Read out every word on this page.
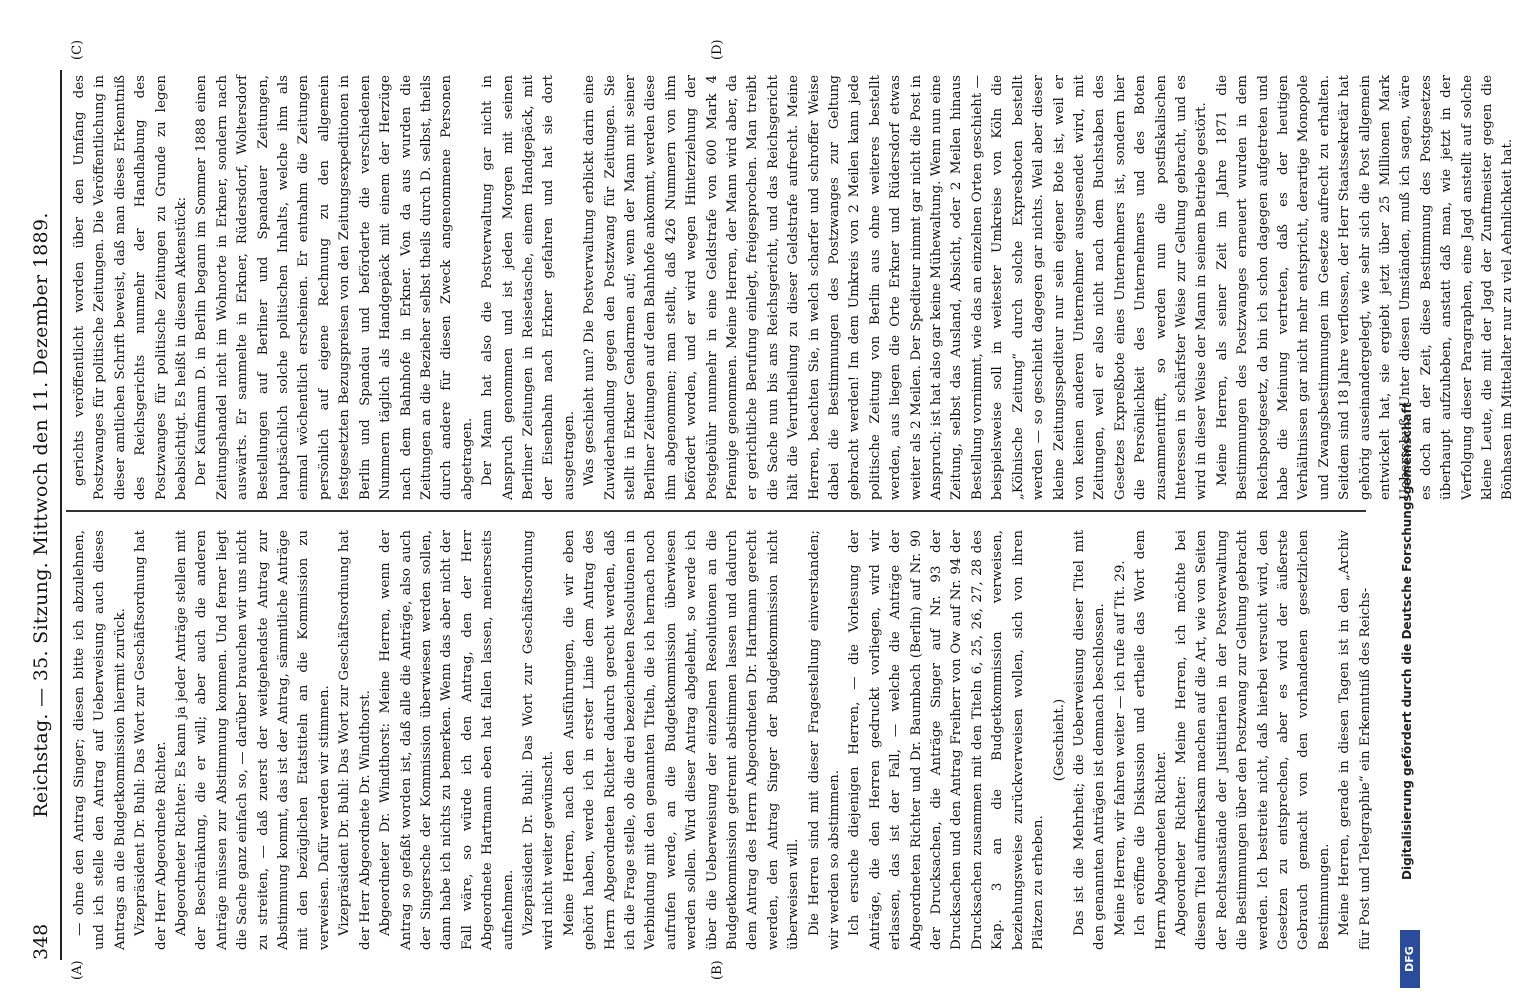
348
Reichstag. — 35. Sitzung. Mittwoch den 11. Dezember 1889.
(A)	(B)
(C)	(D)

— ohne den Antrag Singer; diesen bitte ich abzulehnen, und ich stelle den Antrag auf Ueberweisung auch dieses Antrags an die Budgetkommission hiermit zurück. Vizepräsident Dr. Buhl: Das Wort zur Geschäftsordnung hat der Herr Abgeordnete Richter. Abgeordneter Richter: Es kann ja jeder Anträge stellen mit der Beschränkung, die er will; aber auch die anderen Anträge müssen zur Abstimmung kommen. Und ferner liegt die Sache ganz einfach so, — darüber brauchen wir uns nicht zu streiten, — daß zuerst der weitgehendste Antrag zur Abstimmung kommt, das ist der Antrag, sämmtliche Anträge mit den bezüglichen Etatstiteln an die Kommission zu verweisen. Dafür werden wir stimmen. Vizepräsident Dr. Buhl: Das Wort zur Geschäftsordnung hat der Herr Abgeordnete Dr. Windthorst. Abgeordneter Dr. Windthorst: Meine Herren, wenn der Antrag so gefaßt worden ist, daß alle die Anträge, also auch der Singersche der Kommission überwiesen werden sollen, dann habe ich nichts zu bemerken. Wenn das aber nicht der Fall wäre, so würde ich den Antrag, den der Herr Abgeordnete Hartmann eben hat fallen lassen, meinerseits aufnehmen. Vizepräsident Dr. Buhl: Das Wort zur Geschäftsordnung wird nicht weiter gewünscht. Meine Herren, nach den Ausführungen, die wir eben gehört haben, werde ich in erster Linie dem Antrag des Herrn Abgeordneten Richter dadurch gerecht werden, daß ich die Frage stelle, ob die drei bezeichneten Resolutionen in Verbindung mit den genannten Titeln, die ich hernach noch aufrufen werde, an die Budgetkommission überwiesen werden sollen. Wird dieser Antrag abgelehnt, so werde ich über die Ueberweisung der einzelnen Resolutionen an die Budgetkommission getrennt abstimmen lassen und dadurch dem Antrag des Herrn Abgeordneten Dr. Hartmann gerecht werden, den Antrag Singer der Budgetkommission nicht überweisen will. Die Herren sind mit dieser Fragestellung einverstanden; wir werden so abstimmen. Ich ersuche diejenigen Herren, — die Vorlesung der Anträge, die den Herren gedruckt vorliegen, wird wir erlassen, das ist der Fall, — welche die Anträge der Abgeordneten Richter und Dr. Baumbach (Berlin) auf Nr. 90 der Drucksachen, die Anträge Singer auf Nr. 93 der Drucksachen und den Antrag Freiherr von Ow auf Nr. 94 der Drucksachen zusammen mit den Titeln 6, 25, 26, 27, 28 des Kap. 3 an die Budgetkommission verweisen, beziehungsweise zurückverweisen wollen, sich von ihren Plätzen zu erheben.

(Geschieht.) Das ist die Mehrheit; die Ueberweisung dieser Titel mit den genannten Anträgen ist demnach beschlossen. Meine Herren, wir fahren weiter — ich rufe auf Tit. 29. Ich eröffne die Diskussion und ertheile das Wort dem Herrn Abgeordneten Richter. Abgeordneter Richter: Meine Herren, ich möchte bei diesem Titel aufmerksam machen auf die Art, wie von Seiten der Rechtsanstände der Justitiarien in der Postverwaltung die Bestimmungen über den Postzwang zur Geltung gebracht werden. Ich bestreite nicht, daß hierbei versucht wird, den Gesetzen zu entsprechen, aber es wird der äußerste Gebrauch gemacht von den vorhandenen gesetzlichen Bestimmungen. Meine Herren, gerade in diesen Tagen ist in den „Archiv für Post und Telegraphie“ ein Erkenntniß des Reichs-

gerichts veröffentlicht worden über den Umfang des Postzwanges für politische Zeitungen. Die Veröffentlichung in dieser amtlichen Schrift beweist, daß man dieses Erkenntniß des Reichsgerichts nunmehr der Handhabung des Postzwanges für politische Zeitungen zu Grunde zu legen beabsichtigt. Es heißt in diesem Aktenstück: Der Kaufmann D. in Berlin begann im Sommer 1888 einen Zeitungshandel nicht im Wohnorte in Erkner, sondern nach auswärts. Er sammelte in Erkner, Rüdersdorf, Woltersdorf Bestellungen auf Berliner und Spandauer Zeitungen, hauptsächlich solche politischen Inhalts, welche ihm als einmal wöchentlich erscheinen. Er entnahm die Zeitungen persönlich auf eigene Rechnung zu den allgemein festgesetzten Bezugspreisen von den Zeitungsexpeditionen in Berlin und Spandau und beförderte die verschiedenen Nummern täglich als Handgepäck mit einem der Herzüge nach dem Bahnhofe in Erkner. Von da aus wurden die Zeitungen an die Bezieher selbst theils durch D. selbst, theils durch andere für diesen Zweck angenommene Personen abgetragen. Der Mann hat also die Postverwaltung gar nicht in Anspruch genommen und ist jeden Morgen mit seinen Berliner Zeitungen in Reisetasche, einem Handgepäck, mit der Eisenbahn nach Erkner gefahren und hat sie dort ausgetragen. Was geschieht nun? Die Postverwaltung erblickt darin eine Zuwiderhandlung gegen den Postzwang für Zeitungen. Sie stellt in Erkner Gendarmen auf; wenn der Mann mit seiner Berliner Zeitungen auf dem Bahnhofe ankommt, werden diese ihm abgenommen; man stellt, daß 426 Nummern von ihm befördert worden, und er wird wegen Hinterziehung der Postgebühr nunmehr in eine Geldstrafe von 600 Mark 4 Pfennige genommen. Meine Herren, der Mann wird aber, da er gerichtliche Berufung einlegt, freigesprochen. Man treibt die Sache nun bis ans Reichsgericht, und das Reichsgericht hält die Verurtheilung zu dieser Geldstrafe aufrecht. Meine Herren, beachten Sie, in welch scharfer und schroffer Weise dabei die Bestimmungen des Postzwanges zur Geltung gebracht werden! Im dem Umkreis von 2 Meilen kann jede politische Zeitung von Berlin aus ohne weiteres bestellt werden, aus liegen die Orte Erkner und Rüdersdorf etwas weiter als 2 Meilen. Der Spediteur nimmt gar nicht die Post in Anspruch; ist hat also gar keine Mühewaltung. Wenn nun eine Zeitung, selbst das Ausland, Absicht, oder 2 Meilen hinaus Bestellung vornimmt, wie das an einzelnen Orten geschieht — beispielsweise soll in weitester Umkreise von Köln die „Kölnische Zeitung“ durch solche Expresboten bestellt werden — so geschieht dagegen gar nichts. Weil aber dieser kleine Zeitungsspediteur nur sein eigener Bote ist, weil er von keinen anderen Unternehmer ausgesendet wird, mit Zeitungen, weil er also nicht nach dem Buchstaben des Gesetzes Expreßbote eines Unternehmers ist, sondern hier die Persönlichkeit des Unternehmers und des Boten zusammentrifft, so werden nun die postfiskalischen Interessen in schärfster Weise zur Geltung gebracht, und es wird in dieser Weise der Mann in seinem Betriebe gestört. Meine Herren, als seiner Zeit im Jahre 1871 die Bestimmungen des Postzwanges erneuert wurden in dem Reichspostgesetz, da bin ich schon dagegen aufgetreten und habe die Meinung vertreten, daß es der heutigen Verhältnissen gar nicht mehr entspricht, derartige Monopole und Zwangsbestimmungen im Gesetze aufrecht zu erhalten. Seitdem sind 18 Jahre verflossen, der Herr Staatssekretär hat gehörig auseinandergelegt, wie sehr sich die Post allgemein entwickelt hat, sie ergiebt jetzt über 25 Millionen Mark Ueberschuß. Unter diesen Umständen, muß ich sagen, wäre es doch an der Zeit, diese Bestimmung des Postgesetzes überhaupt aufzuheben, anstatt daß man, wie jetzt in der Verfolgung dieser Paragraphen, eine Jagd anstellt auf solche kleine Leute, die mit der Jagd der Zunftmeister gegen die Bönhasen im Mittelalter nur zu viel Aehnlichkeit hat.

DFG
Digitalisierung gefördert durch die Deutsche Forschungsgemeinschaft
